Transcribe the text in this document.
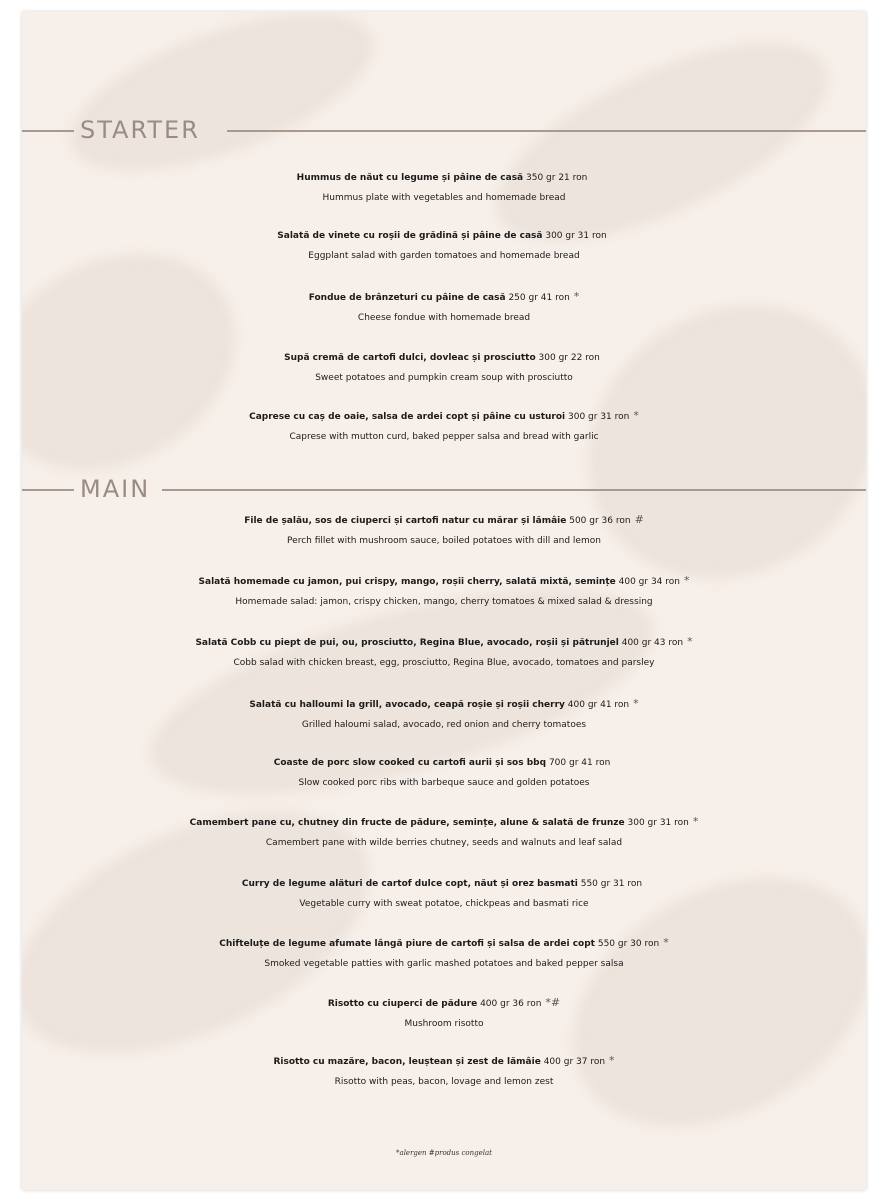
STARTER
Hummus de năut cu legume și pâine de casă 350 gr 21 ron
Hummus plate with vegetables and homemade bread
Salată de vinete cu roșii de grădină și pâine de casă 300 gr 31 ron
Eggplant salad with garden tomatoes and homemade bread
Fondue de brânzeturi cu pâine de casă 250 gr 41 ron *
Cheese fondue with homemade bread
Supă cremă de cartofi dulci, dovleac și prosciutto 300 gr 22 ron
Sweet potatoes and pumpkin cream soup with prosciutto
Caprese cu caș de oaie, salsa de ardei copt și pâine cu usturoi 300 gr 31 ron *
Caprese with mutton curd, baked pepper salsa and bread with garlic
MAIN
File de șalău, sos de ciuperci și cartofi natur cu mărar și lămâie 500 gr 36 ron #
Perch fillet with mushroom sauce, boiled potatoes with dill and lemon
Salată homemade cu jamon, pui crispy, mango, roșii cherry, salată mixtă, semințe 400 gr 34 ron *
Homemade salad: jamon, crispy chicken, mango, cherry tomatoes & mixed salad & dressing
Salată Cobb cu piept de pui, ou, prosciutto, Regina Blue, avocado, roșii și pătrunjel 400 gr 43 ron *
Cobb salad with chicken breast, egg, prosciutto, Regina Blue, avocado, tomatoes and parsley
Salată cu halloumi la grill, avocado, ceapă roșie și roșii cherry 400 gr 41 ron *
Grilled haloumi salad, avocado, red onion and cherry tomatoes
Coaste de porc slow cooked cu cartofi aurii și sos bbq 700 gr 41 ron
Slow cooked porc ribs with barbeque sauce and golden potatoes
Camembert pane cu, chutney din fructe de pădure, semințe, alune & salată de frunze 300 gr 31 ron *
Camembert pane with wilde berries chutney, seeds and walnuts and leaf salad
Curry de legume alături de cartof dulce copt, năut și orez basmati 550 gr 31 ron
Vegetable curry with sweat potatoe, chickpeas and basmati rice
Chifteluțe de legume afumate lângă piure de cartofi și salsa de ardei copt 550 gr 30 ron *
Smoked vegetable patties with garlic mashed potatoes and baked pepper salsa
Risotto cu ciuperci de pădure 400 gr 36 ron *#
Mushroom risotto
Risotto cu mazăre, bacon, leuștean și zest de lămâie 400 gr 37 ron *
Risotto with peas, bacon, lovage and lemon zest
*alergen #produs congelat
